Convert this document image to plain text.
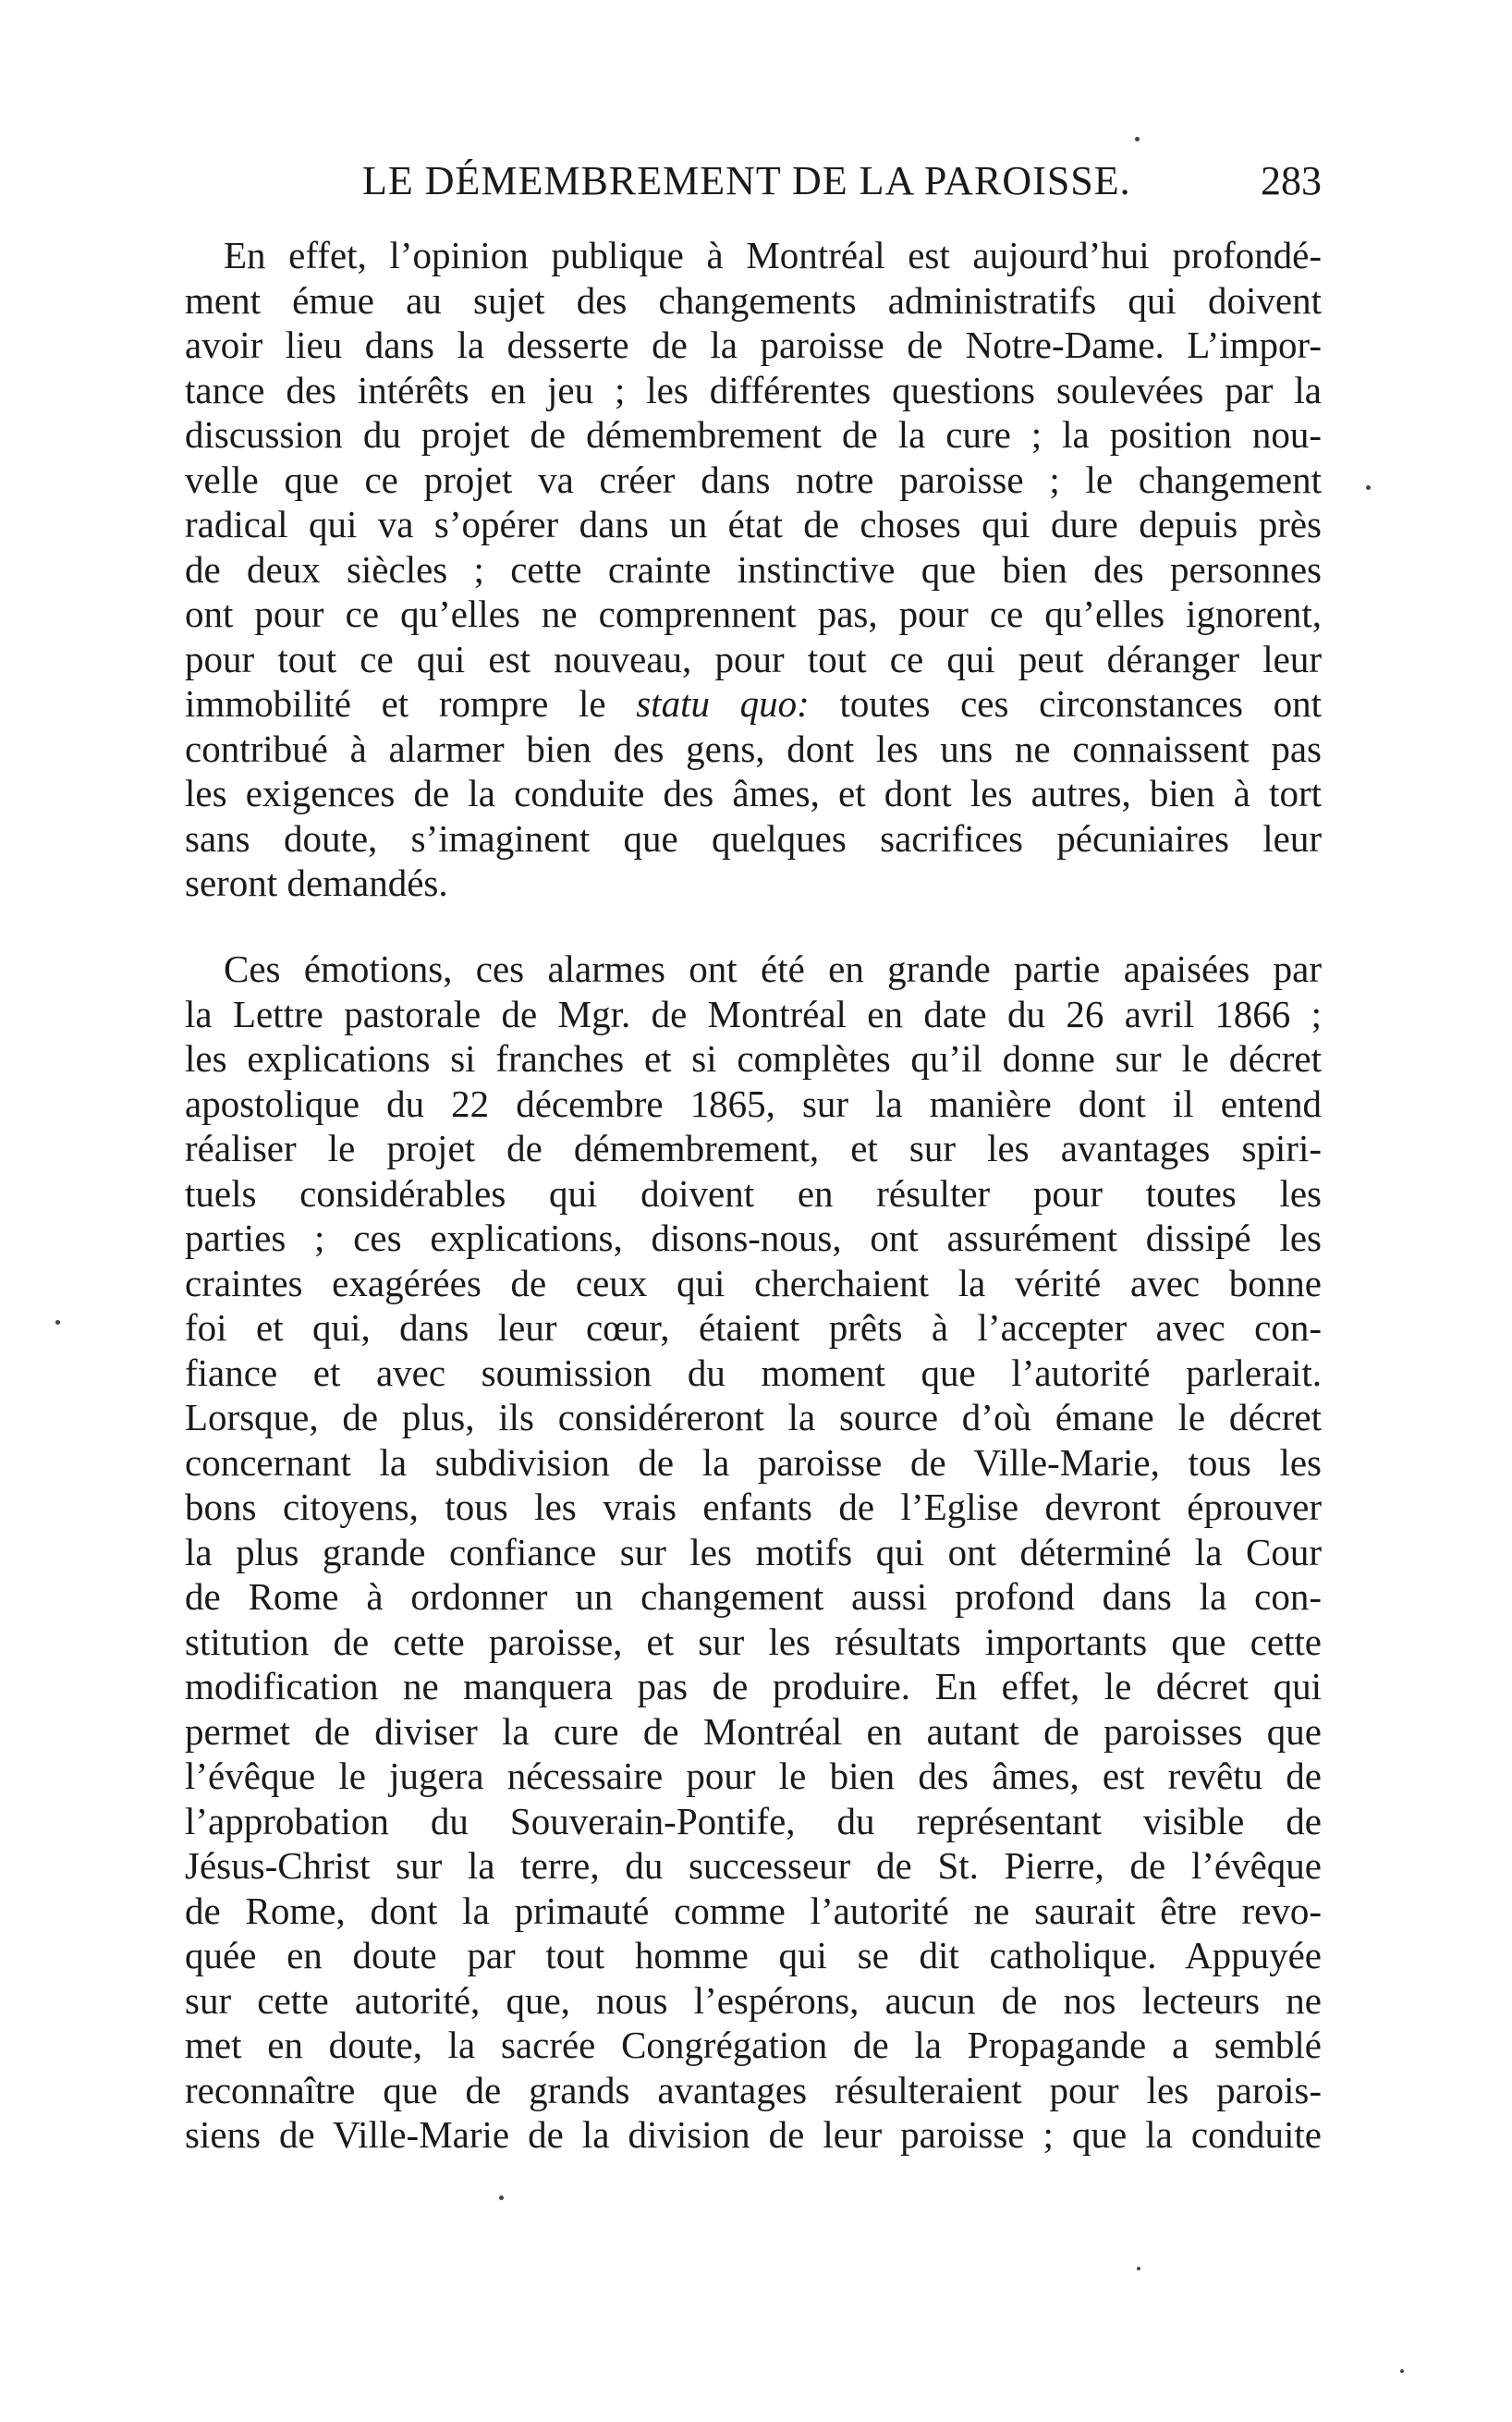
LE DÉMEMBREMENT DE LA PAROISSE.	283
En effet, l’opinion publique à Montréal est aujourd’hui profondé-
ment émue au sujet des changements administratifs qui doivent
avoir lieu dans la desserte de la paroisse de Notre-Dame. L’impor-
tance des intérêts en jeu ; les différentes questions soulevées par la
discussion du projet de démembrement de la cure ; la position nou-
velle que ce projet va créer dans notre paroisse ; le changement
radical qui va s’opérer dans un état de choses qui dure depuis près
de deux siècles ; cette crainte instinctive que bien des personnes
ont pour ce qu’elles ne comprennent pas, pour ce qu’elles ignorent,
pour tout ce qui est nouveau, pour tout ce qui peut déranger leur
immobilité et rompre le statu quo: toutes ces circonstances ont
contribué à alarmer bien des gens, dont les uns ne connaissent pas
les exigences de la conduite des âmes, et dont les autres, bien à tort
sans doute, s’imaginent que quelques sacrifices pécuniaires leur
seront demandés.
Ces émotions, ces alarmes ont été en grande partie apaisées par
la Lettre pastorale de Mgr. de Montréal en date du 26 avril 1866 ;
les explications si franches et si complètes qu’il donne sur le décret
apostolique du 22 décembre 1865, sur la manière dont il entend
réaliser le projet de démembrement, et sur les avantages spiri-
tuels considérables qui doivent en résulter pour toutes les
parties ; ces explications, disons-nous, ont assurément dissipé les
craintes exagérées de ceux qui cherchaient la vérité avec bonne
foi et qui, dans leur cœur, étaient prêts à l’accepter avec con-
fiance et avec soumission du moment que l’autorité parlerait.
Lorsque, de plus, ils considéreront la source d’où émane le décret
concernant la subdivision de la paroisse de Ville-Marie, tous les
bons citoyens, tous les vrais enfants de l’Eglise devront éprouver
la plus grande confiance sur les motifs qui ont déterminé la Cour
de Rome à ordonner un changement aussi profond dans la con-
stitution de cette paroisse, et sur les résultats importants que cette
modification ne manquera pas de produire. En effet, le décret qui
permet de diviser la cure de Montréal en autant de paroisses que
l’évêque le jugera nécessaire pour le bien des âmes, est revêtu de
l’approbation du Souverain-Pontife, du représentant visible de
Jésus-Christ sur la terre, du successeur de St. Pierre, de l’évêque
de Rome, dont la primauté comme l’autorité ne saurait être revo-
quée en doute par tout homme qui se dit catholique. Appuyée
sur cette autorité, que, nous l’espérons, aucun de nos lecteurs ne
met en doute, la sacrée Congrégation de la Propagande a semblé
reconnaître que de grands avantages résulteraient pour les parois-
siens de Ville-Marie de la division de leur paroisse ; que la conduite
